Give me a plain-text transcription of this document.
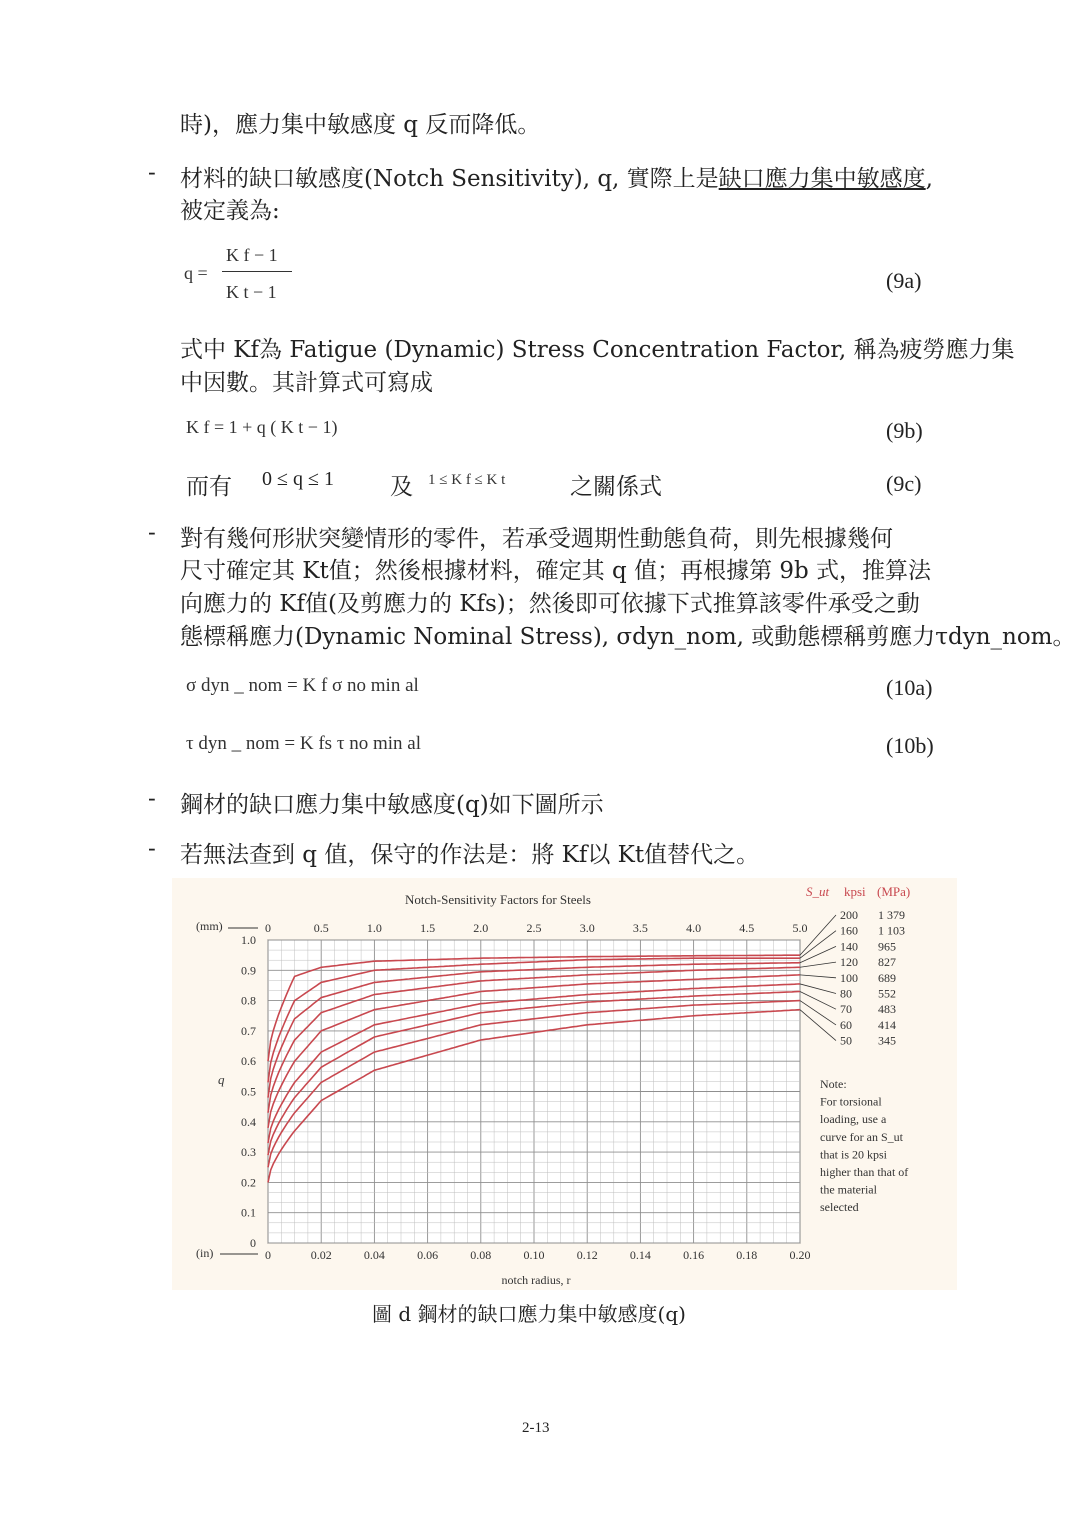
時)，應力集中敏感度 q 反而降低。
- 材料的缺口敏感度(Notch Sensitivity), q, 實際上是缺口應力集中敏感度,
被定義為:
q =
K f − 1
K t − 1	(9a)
式中 Kf為 Fatigue (Dynamic) Stress Concentration Factor, 稱為疲勞應力集
中因數。其計算式可寫成
K f = 1 + q ( K t − 1)	(9b)
而有 0 ≤ q ≤ 1 及 1 ≤ K f ≤ K t	之關係式	(9c)
- 對有幾何形狀突變情形的零件，若承受週期性動態負荷，則先根據幾何
尺寸確定其 Kt值；然後根據材料，確定其 q 值；再根據第 9b 式，推算法
向應力的 Kf值(及剪應力的 Kfs)；然後即可依據下式推算該零件承受之動
態標稱應力(Dynamic Nominal Stress), σdyn_nom, 或動態標稱剪應力τdyn_nom。
σ dyn _ nom = K f σ no min al	(10a)
τ dyn _ nom = K fs τ no min al	(10b)
- 鋼材的缺口應力集中敏感度(q)如下圖所示
- 若無法查到 q 值，保守的作法是：將 Kf以 Kt值替代之。
Notch-Sensitivity Factors for Steels
0	0.02	0.04	0.06	0.08	0.10	0.12	0.14	0.16	0.18	0.20
0	0.5	1.0	1.5	2.0	2.5	3.0	3.5	4.0	4.5	5.0
0
0.1
0.2
0.3
0.4
0.5
0.6
0.7
0.8
0.9
1.0
S_ut kpsi (MPa)
200 1 379
160 1 103
140 965
120 827
100 689
80 552
70 483
60 414
50 345
Note:
For torsional
loading, use a
curve for an S_ut
that is 20 kpsi
higher than that of
the material
selected
(mm)
(in)
q
notch radius, r
圖 d 鋼材的缺口應力集中敏感度(q)
2-13
